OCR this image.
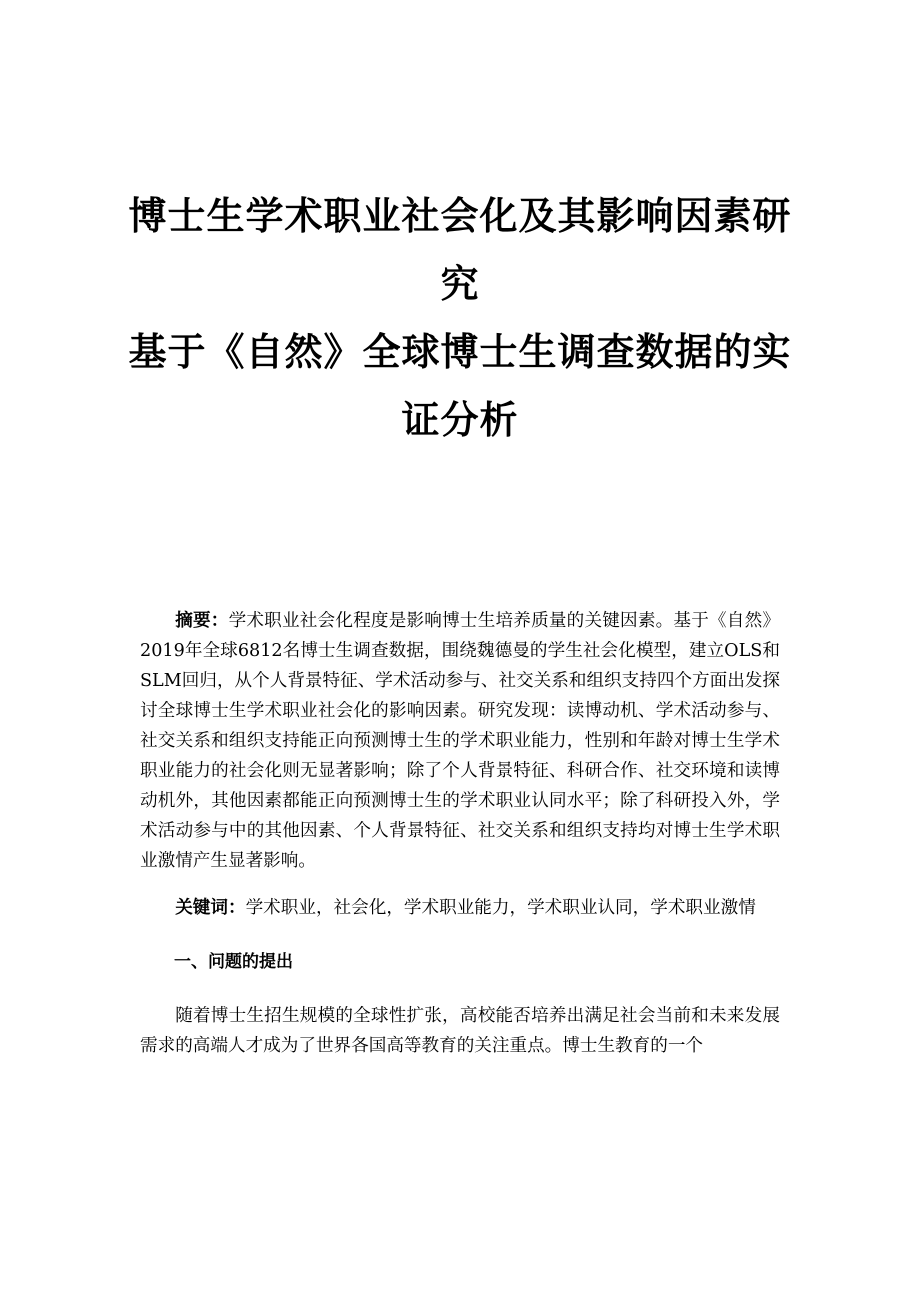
博士生学术职业社会化及其影响因素研究
基于《自然》全球博士生调查数据的实证分析

摘要：学术职业社会化程度是影响博士生培养质量的关键因素。基于《自然》2019年全球6812名博士生调查数据，围绕魏德曼的学生社会化模型，建立OLS和SLM回归，从个人背景特征、学术活动参与、社交关系和组织支持四个方面出发探讨全球博士生学术职业社会化的影响因素。研究发现：读博动机、学术活动参与、社交关系和组织支持能正向预测博士生的学术职业能力，性别和年龄对博士生学术职业能力的社会化则无显著影响；除了个人背景特征、科研合作、社交环境和读博动机外，其他因素都能正向预测博士生的学术职业认同水平；除了科研投入外，学术活动参与中的其他因素、个人背景特征、社交关系和组织支持均对博士生学术职业激情产生显著影响。

关键词：学术职业，社会化，学术职业能力，学术职业认同，学术职业激情

一、问题的提出

随着博士生招生规模的全球性扩张，高校能否培养出满足社会当前和未来发展需求的高端人才成为了世界各国高等教育的关注重点。博士生教育的一个
